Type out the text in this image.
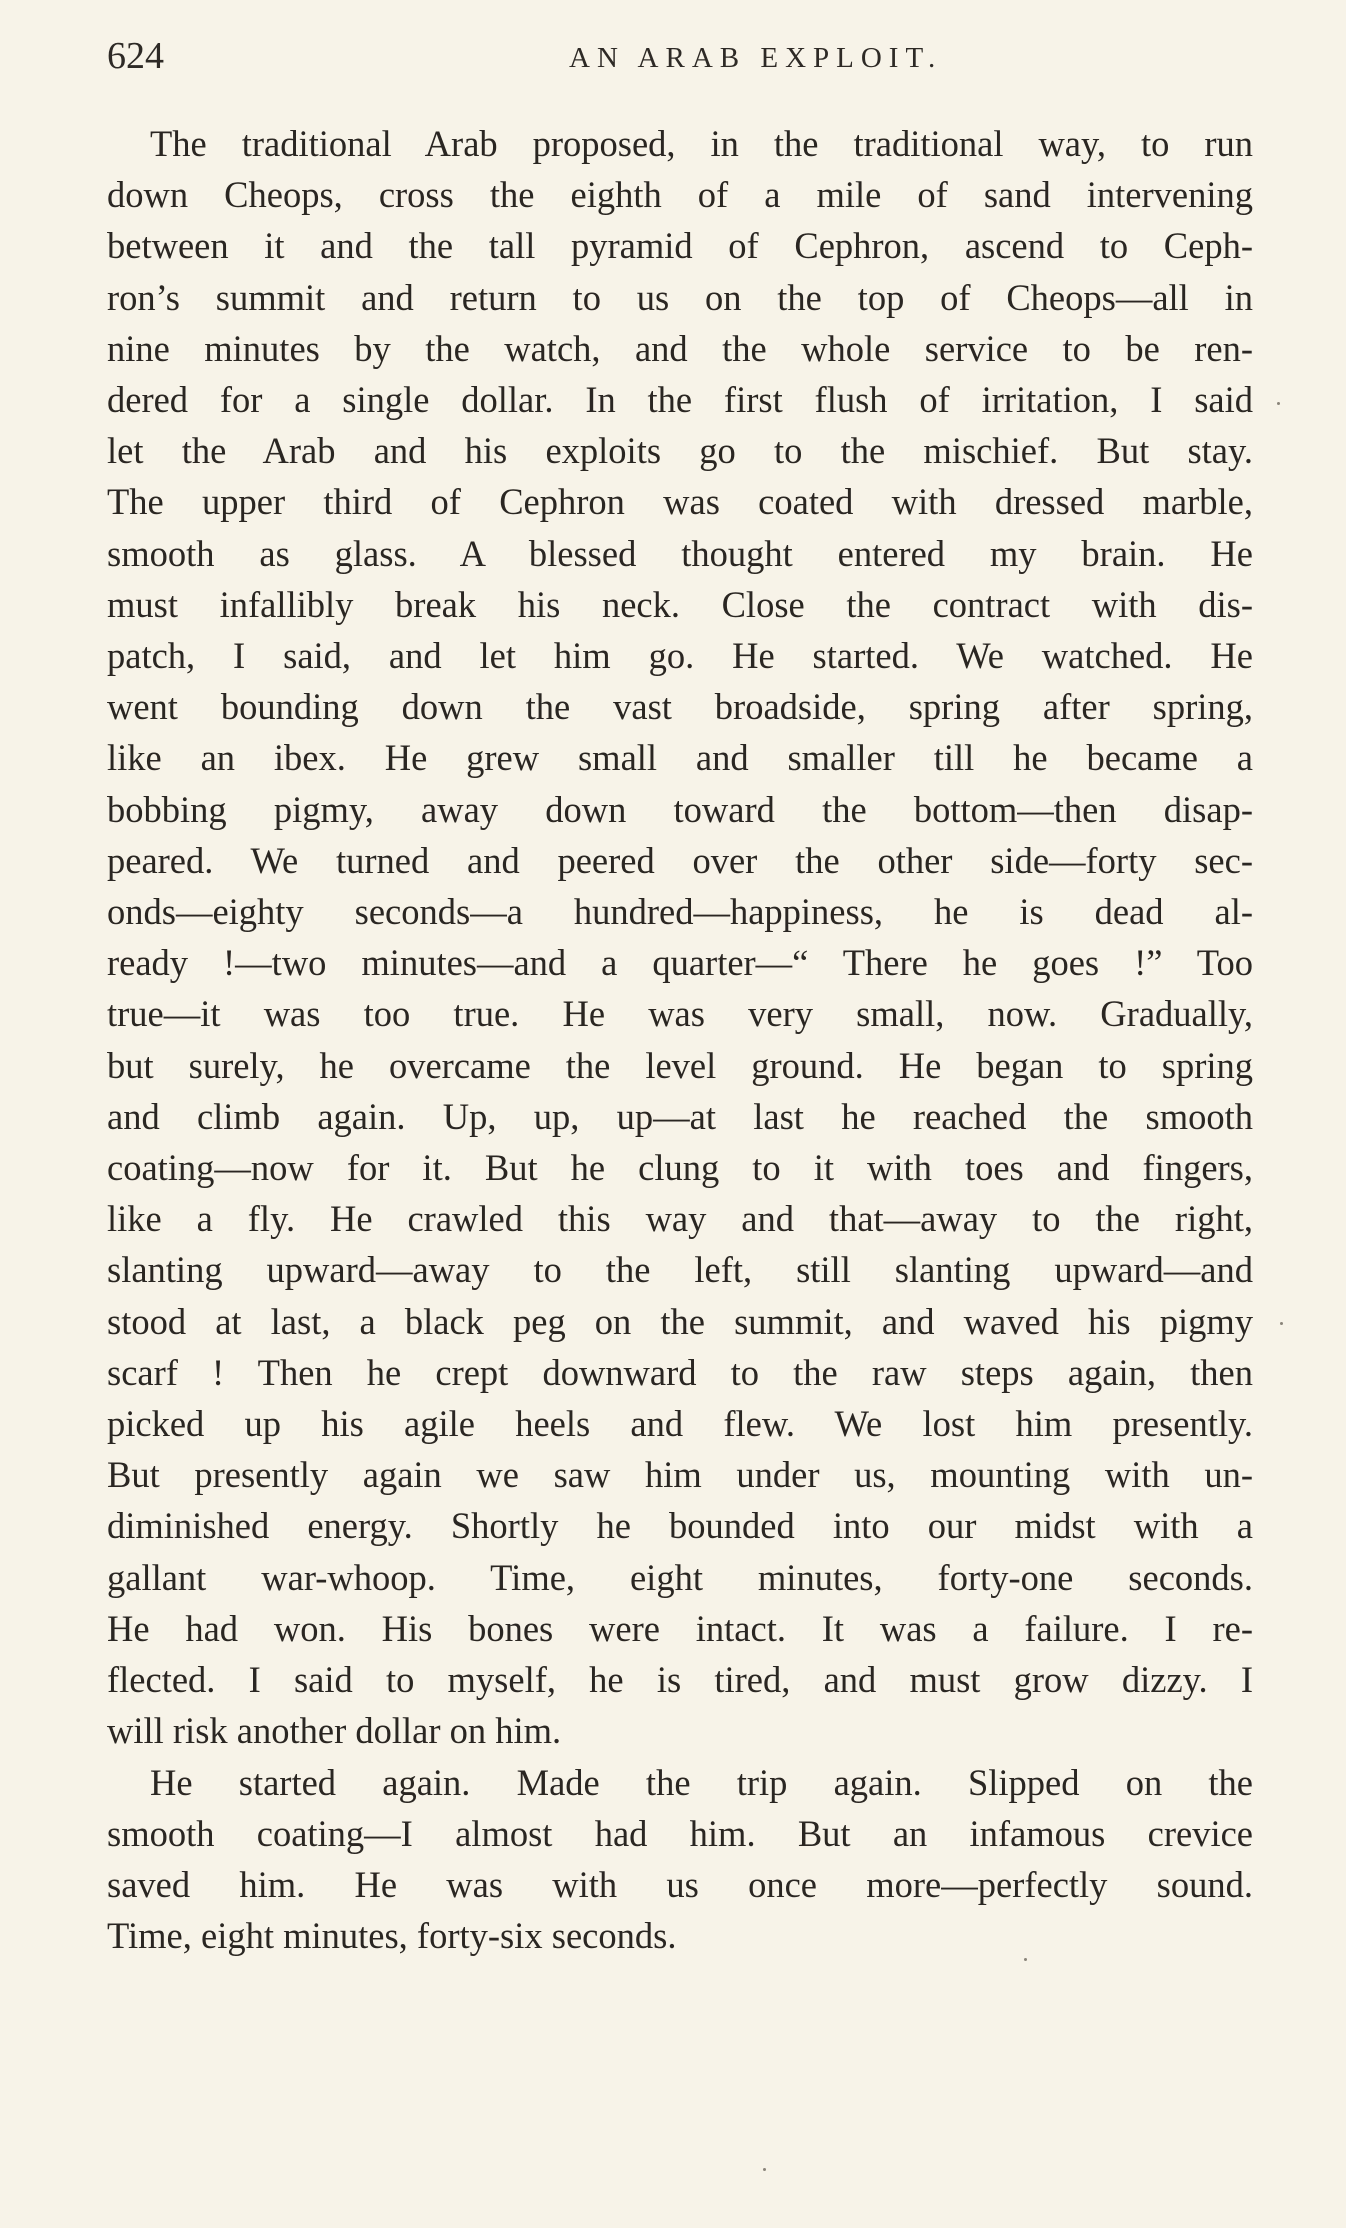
624	AN ARAB EXPLOIT.

The traditional Arab proposed, in the traditional way, to run
down Cheops, cross the eighth of a mile of sand intervening
between it and the tall pyramid of Cephron, ascend to Ceph-
ron’s summit and return to us on the top of Cheops—all in
nine minutes by the watch, and the whole service to be ren-
dered for a single dollar. In the first flush of irritation, I said
let the Arab and his exploits go to the mischief. But stay.
The upper third of Cephron was coated with dressed marble,
smooth as glass. A blessed thought entered my brain. He
must infallibly break his neck. Close the contract with dis-
patch, I said, and let him go. He started. We watched. He
went bounding down the vast broadside, spring after spring,
like an ibex. He grew small and smaller till he became a
bobbing pigmy, away down toward the bottom—then disap-
peared. We turned and peered over the other side—forty sec-
onds—eighty seconds—a hundred—happiness, he is dead al-
ready !—two minutes—and a quarter—“ There he goes !” Too
true—it was too true. He was very small, now. Gradually,
but surely, he overcame the level ground. He began to spring
and climb again. Up, up, up—at last he reached the smooth
coating—now for it. But he clung to it with toes and fingers,
like a fly. He crawled this way and that—away to the right,
slanting upward—away to the left, still slanting upward—and
stood at last, a black peg on the summit, and waved his pigmy
scarf ! Then he crept downward to the raw steps again, then
picked up his agile heels and flew. We lost him presently.
But presently again we saw him under us, mounting with un-
diminished energy. Shortly he bounded into our midst with a
gallant war-whoop. Time, eight minutes, forty-one seconds.
He had won. His bones were intact. It was a failure. I re-
flected. I said to myself, he is tired, and must grow dizzy. I
will risk another dollar on him.

He started again. Made the trip again. Slipped on the
smooth coating—I almost had him. But an infamous crevice
saved him. He was with us once more—perfectly sound.
Time, eight minutes, forty-six seconds.
